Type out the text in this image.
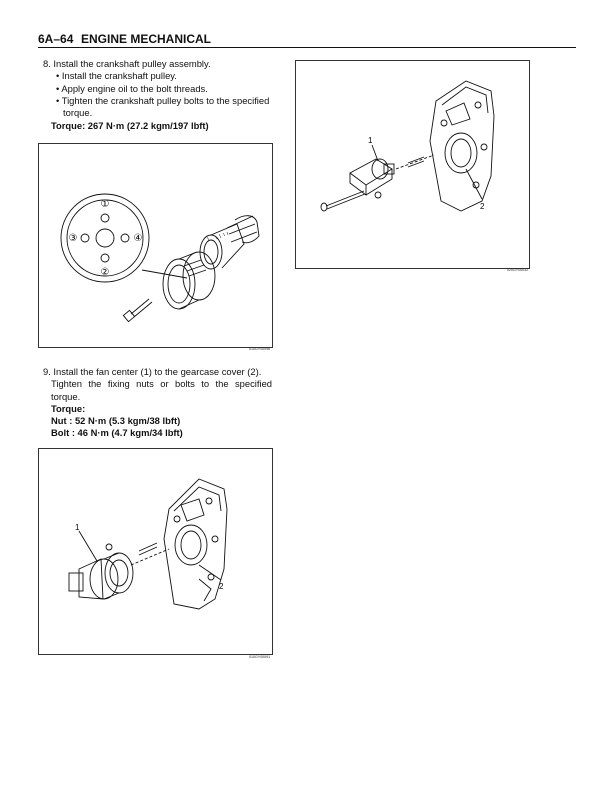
6A–64 ENGINE MECHANICAL

8. Install the crankshaft pulley assembly.

• Install the crankshaft pulley.

• Apply engine oil to the bolt threads.

• Tighten the crankshaft pulley bolts to the specified torque.

Torque: 267 N·m (27.2 kgm/197 lbft)

①
②
③	④
010GY00096

9. Install the fan center (1) to the gearcase cover (2).

Tighten the fixing nuts or bolts to the specified torque.

Torque:

Nut : 52 N·m (5.3 kgm/38 lbft)

Bolt : 46 N·m (4.7 kgm/34 lbft)

1
2
010GY00091
1
2
020GY00032
